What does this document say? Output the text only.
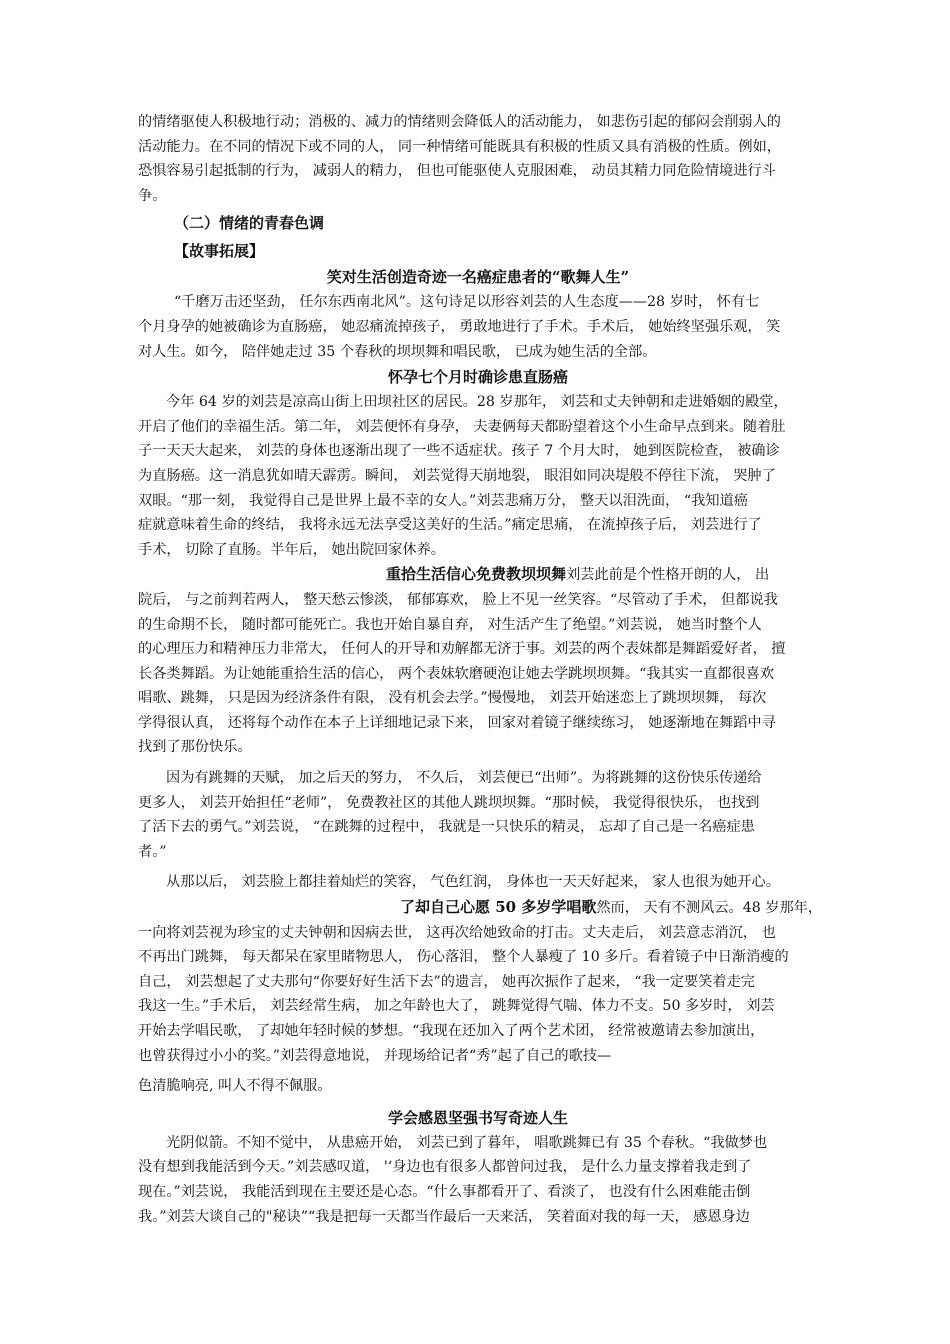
的情绪驱使人积极地行动；消极的、减力的情绪则会降低人的活动能力， 如悲伤引起的郁闷会削弱人的
活动能力。在不同的情况下或不同的人， 同一种情绪可能既具有积极的性质又具有消极的性质。例如，
恐惧容易引起抵制的行为， 减弱人的精力， 但也可能驱使人克服困难， 动员其精力同危险情境进行斗
争。
（二）情绪的青春色调
【故事拓展】
笑对生活创造奇迹一名癌症患者的“歌舞人生”
“千磨万击还坚劲， 任尔东西南北风”。这句诗足以形容刘芸的人生态度——28 岁时， 怀有七
个月身孕的她被确诊为直肠癌， 她忍痛流掉孩子， 勇敢地进行了手术。手术后， 她始终坚强乐观， 笑
对人生。如今， 陪伴她走过 35 个春秋的坝坝舞和唱民歌， 已成为她生活的全部。
怀孕七个月时确诊患直肠癌
今年 64 岁的刘芸是凉高山街上田坝社区的居民。28 岁那年， 刘芸和丈夫钟朝和走进婚姻的殿堂，
开启了他们的幸福生活。第二年， 刘芸便怀有身孕， 夫妻俩每天都盼望着这个小生命早点到来。随着肚
子一天天大起来， 刘芸的身体也逐渐出现了一些不适症状。孩子 7 个月大时， 她到医院检查， 被确诊
为直肠癌。这一消息犹如晴天霹雳。瞬间， 刘芸觉得天崩地裂， 眼泪如同决堤般不停往下流， 哭肿了
双眼。“那一刻， 我觉得自己是世界上最不幸的女人。”刘芸悲痛万分， 整天以泪洗面， “我知道癌
症就意味着生命的终结， 我将永远无法享受这美好的生活。”痛定思痛， 在流掉孩子后， 刘芸进行了
手术， 切除了直肠。半年后， 她出院回家休养。
重拾生活信心免费教坝坝舞刘芸此前是个性格开朗的人， 出
院后， 与之前判若两人， 整天愁云惨淡， 郁郁寡欢， 脸上不见一丝笑容。“尽管动了手术， 但都说我
的生命期不长， 随时都可能死亡。我也开始自暴自弃， 对生活产生了绝望。”刘芸说， 她当时整个人
的心理压力和精神压力非常大， 任何人的开导和劝解都无济于事。刘芸的两个表妹都是舞蹈爱好者， 擅
长各类舞蹈。为让她能重拾生活的信心， 两个表妹软磨硬泡让她去学跳坝坝舞。“我其实一直都很喜欢
唱歌、跳舞， 只是因为经济条件有限， 没有机会去学。”慢慢地， 刘芸开始迷恋上了跳坝坝舞， 每次
学得很认真， 还将每个动作在本子上详细地记录下来， 回家对着镜子继续练习， 她逐渐地在舞蹈中寻
找到了那份快乐。
因为有跳舞的天赋， 加之后天的努力， 不久后， 刘芸便已“出师”。为将跳舞的这份快乐传递给
更多人， 刘芸开始担任“老师”， 免费教社区的其他人跳坝坝舞。“那时候， 我觉得很快乐， 也找到
了活下去的勇气。”刘芸说， “在跳舞的过程中， 我就是一只快乐的精灵， 忘却了自己是一名癌症患
者。”
从那以后， 刘芸脸上都挂着灿烂的笑容， 气色红润， 身体也一天天好起来， 家人也很为她开心。
了却自己心愿 50 多岁学唱歌然而， 天有不测风云。48 岁那年，
一向将刘芸视为珍宝的丈夫钟朝和因病去世， 这再次给她致命的打击。丈夫走后， 刘芸意志消沉， 也
不再出门跳舞， 每天都呆在家里睹物思人， 伤心落泪， 整个人暴瘦了 10 多斤。看着镜子中日渐消瘦的
自己， 刘芸想起了丈夫那句“你要好好生活下去”的遗言， 她再次振作了起来， “我一定要笑着走完
我这一生。”手术后， 刘芸经常生病， 加之年龄也大了， 跳舞觉得气喘、体力不支。50 多岁时， 刘芸
开始去学唱民歌， 了却她年轻时候的梦想。“我现在还加入了两个艺术团， 经常被邀请去参加演出，
也曾获得过小小的奖。”刘芸得意地说， 并现场给记者“秀”起了自己的歌技—
色清脆响亮, 叫人不得不佩服。
学会感恩坚强书写奇迹人生
光阴似箭。不知不觉中， 从患癌开始， 刘芸已到了暮年， 唱歌跳舞已有 35 个春秋。“我做梦也
没有想到我能活到今天。”刘芸感叹道， '‘身边也有很多人都曾问过我， 是什么力量支撑着我走到了
现在。”刘芸说， 我能活到现在主要还是心态。“什么事都看开了、看淡了， 也没有什么困难能击倒
我。”刘芸大谈自己的"秘诀”“我是把每一天都当作最后一天来活， 笑着面对我的每一天， 感恩身边
